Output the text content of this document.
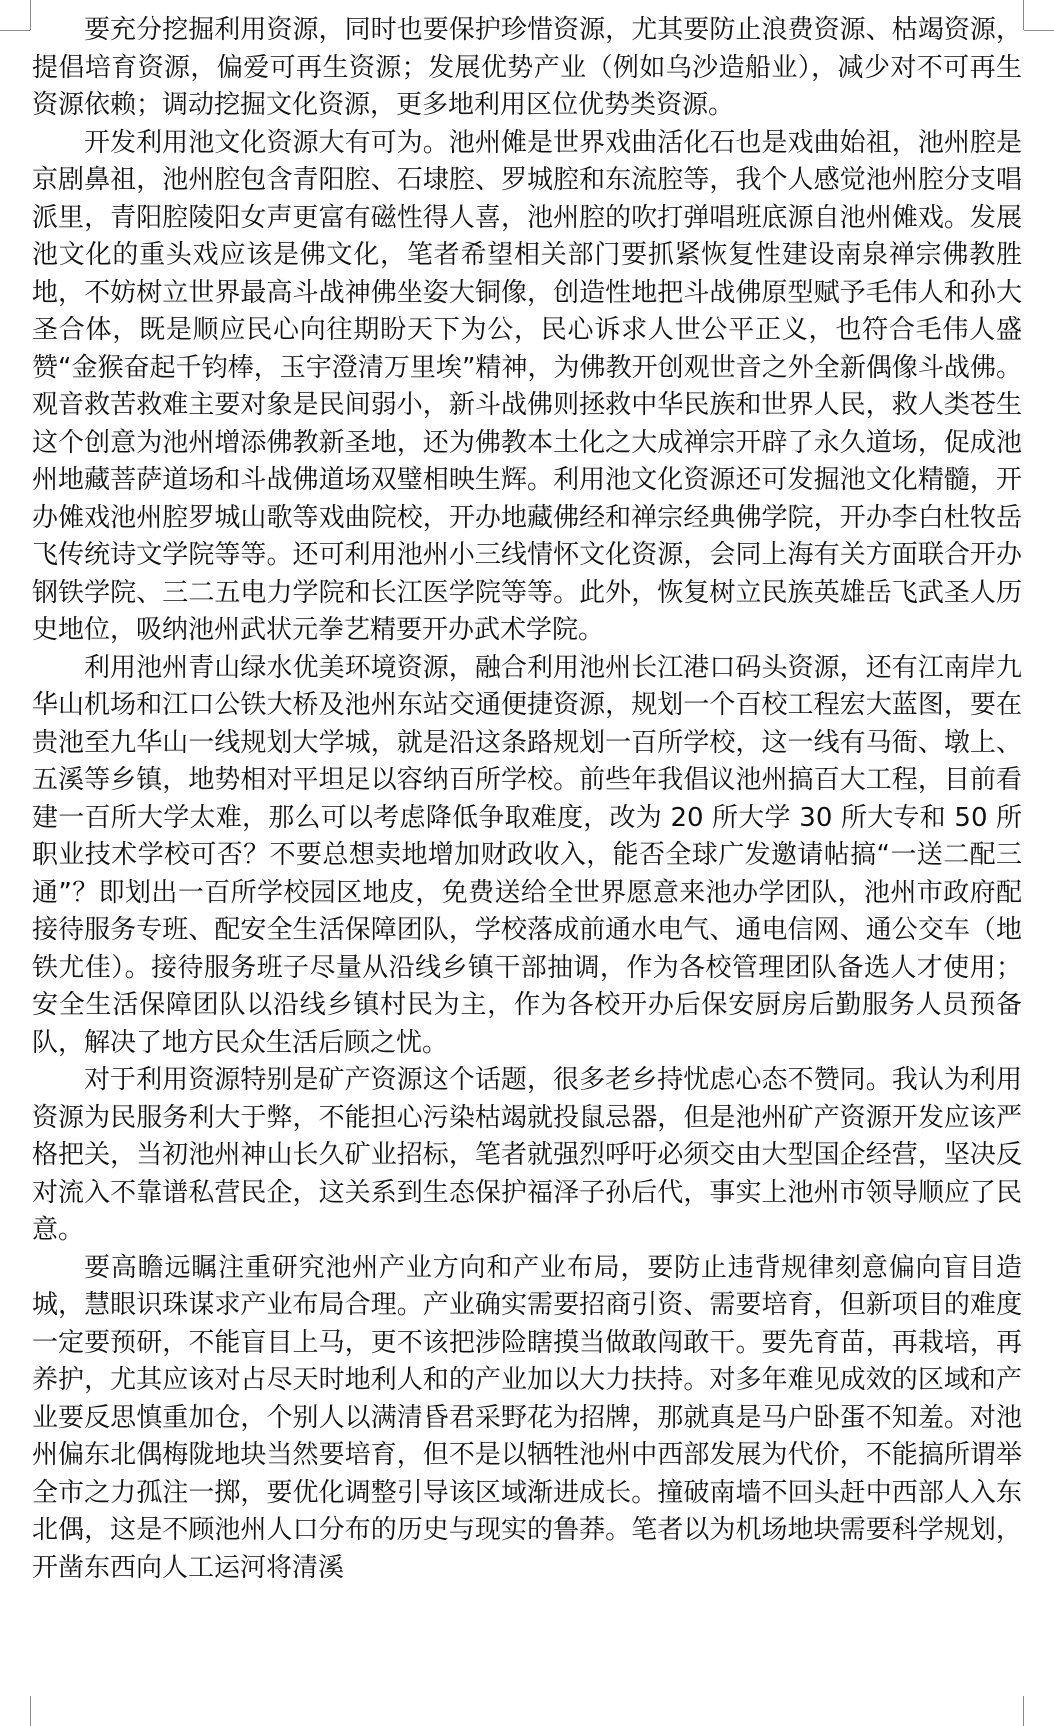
要充分挖掘利用资源，同时也要保护珍惜资源，尤其要防止浪费资源、枯竭资源，提倡培育资源，偏爱可再生资源；发展优势产业（例如乌沙造船业），减少对不可再生资源依赖；调动挖掘文化资源，更多地利用区位优势类资源。

开发利用池文化资源大有可为。池州傩是世界戏曲活化石也是戏曲始祖，池州腔是京剧鼻祖，池州腔包含青阳腔、石埭腔、罗城腔和东流腔等，我个人感觉池州腔分支唱派里，青阳腔陵阳女声更富有磁性得人喜，池州腔的吹打弹唱班底源自池州傩戏。发展池文化的重头戏应该是佛文化，笔者希望相关部门要抓紧恢复性建设南泉禅宗佛教胜地，不妨树立世界最高斗战神佛坐姿大铜像，创造性地把斗战佛原型赋予毛伟人和孙大圣合体，既是顺应民心向往期盼天下为公，民心诉求人世公平正义，也符合毛伟人盛赞“金猴奋起千钧棒，玉宇澄清万里埃”精神，为佛教开创观世音之外全新偶像斗战佛。观音救苦救难主要对象是民间弱小，新斗战佛则拯救中华民族和世界人民，救人类苍生这个创意为池州增添佛教新圣地，还为佛教本土化之大成禅宗开辟了永久道场，促成池州地藏菩萨道场和斗战佛道场双璧相映生辉。利用池文化资源还可发掘池文化精髓，开办傩戏池州腔罗城山歌等戏曲院校，开办地藏佛经和禅宗经典佛学院，开办李白杜牧岳飞传统诗文学院等等。还可利用池州小三线情怀文化资源，会同上海有关方面联合开办钢铁学院、三二五电力学院和长江医学院等等。此外，恢复树立民族英雄岳飞武圣人历史地位，吸纳池州武状元拳艺精要开办武术学院。

利用池州青山绿水优美环境资源，融合利用池州长江港口码头资源，还有江南岸九华山机场和江口公铁大桥及池州东站交通便捷资源，规划一个百校工程宏大蓝图，要在贵池至九华山一线规划大学城，就是沿这条路规划一百所学校，这一线有马衙、墩上、五溪等乡镇，地势相对平坦足以容纳百所学校。前些年我倡议池州搞百大工程，目前看建一百所大学太难，那么可以考虑降低争取难度，改为 20 所大学 30 所大专和 50 所职业技术学校可否？不要总想卖地增加财政收入，能否全球广发邀请帖搞“一送二配三通”？即划出一百所学校园区地皮，免费送给全世界愿意来池办学团队，池州市政府配接待服务专班、配安全生活保障团队，学校落成前通水电气、通电信网、通公交车（地铁尤佳）。接待服务班子尽量从沿线乡镇干部抽调，作为各校管理团队备选人才使用；安全生活保障团队以沿线乡镇村民为主，作为各校开办后保安厨房后勤服务人员预备队，解决了地方民众生活后顾之忧。

对于利用资源特别是矿产资源这个话题，很多老乡持忧虑心态不赞同。我认为利用资源为民服务利大于弊，不能担心污染枯竭就投鼠忌器，但是池州矿产资源开发应该严格把关，当初池州神山长久矿业招标，笔者就强烈呼吁必须交由大型国企经营，坚决反对流入不靠谱私营民企，这关系到生态保护福泽子孙后代，事实上池州市领导顺应了民意。

要高瞻远瞩注重研究池州产业方向和产业布局，要防止违背规律刻意偏向盲目造城，慧眼识珠谋求产业布局合理。产业确实需要招商引资、需要培育，但新项目的难度一定要预研，不能盲目上马，更不该把涉险瞎摸当做敢闯敢干。要先育苗，再栽培，再养护，尤其应该对占尽天时地利人和的产业加以大力扶持。对多年难见成效的区域和产业要反思慎重加仓，个别人以满清昏君采野花为招牌，那就真是马户卧蛋不知羞。对池州偏东北偶梅陇地块当然要培育，但不是以牺牲池州中西部发展为代价，不能搞所谓举全市之力孤注一掷，要优化调整引导该区域渐进成长。撞破南墙不回头赶中西部人入东北偶，这是不顾池州人口分布的历史与现实的鲁莽。笔者以为机场地块需要科学规划，开凿东西向人工运河将清溪
